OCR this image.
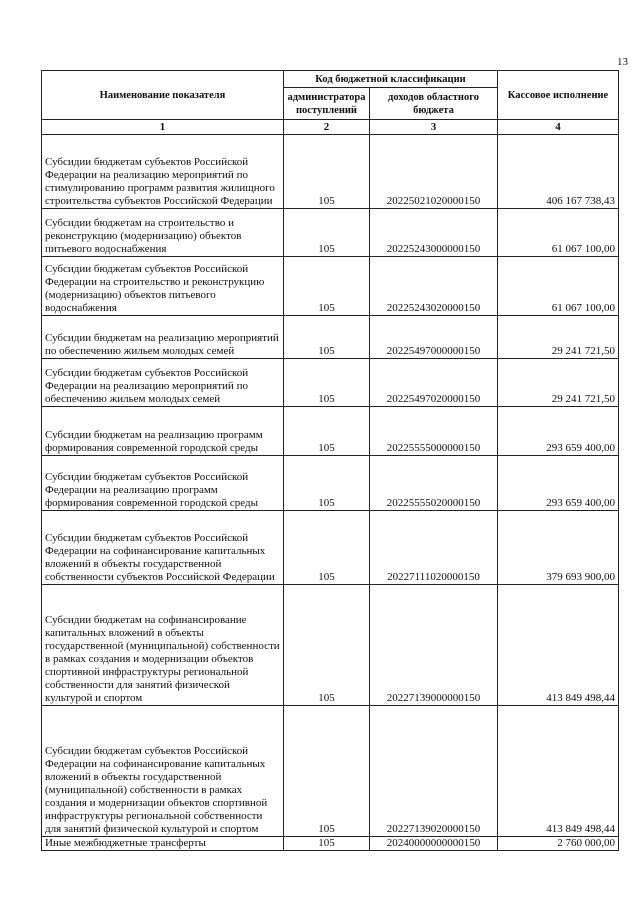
13
Наименование показателя	Код бюджетной классификации		Кассовое исполнение
	администратора поступлений	доходов областного бюджета	
1	2	3	4
Субсидии бюджетам субъектов Российской Федерации на реализацию мероприятий по стимулированию программ развития жилищного строительства субъектов Российской Федерации	105	20225021020000150	406 167 738,43
Субсидии бюджетам на строительство и реконструкцию (модернизацию) объектов питьевого водоснабжения	105	20225243000000150	61 067 100,00
Субсидии бюджетам субъектов Российской Федерации на строительство и реконструкцию (модернизацию) объектов питьевого водоснабжения	105	20225243020000150	61 067 100,00
Субсидии бюджетам на реализацию мероприятий по обеспечению жильем молодых семей	105	20225497000000150	29 241 721,50
Субсидии бюджетам субъектов Российской Федерации на реализацию мероприятий по обеспечению жильем молодых семей	105	20225497020000150	29 241 721,50
Субсидии бюджетам на реализацию программ формирования современной городской среды	105	20225555000000150	293 659 400,00
Субсидии бюджетам субъектов Российской Федерации на реализацию программ формирования современной городской среды	105	20225555020000150	293 659 400,00
Субсидии бюджетам субъектов Российской Федерации на софинансирование капитальных вложений в объекты государственной собственности субъектов Российской Федерации	105	20227111020000150	379 693 900,00
Субсидии бюджетам на софинансирование капитальных вложений в объекты государственной (муниципальной) собственности в рамках создания и модернизации объектов спортивной инфраструктуры региональной собственности для занятий физической культурой и спортом	105	20227139000000150	413 849 498,44
Субсидии бюджетам субъектов Российской Федерации на софинансирование капитальных вложений в объекты государственной (муниципальной) собственности в рамках создания и модернизации объектов спортивной инфраструктуры региональной собственности для занятий физической культурой и спортом	105	20227139020000150	413 849 498,44
Иные межбюджетные трансферты	105	20240000000000150	2 760 000,00
